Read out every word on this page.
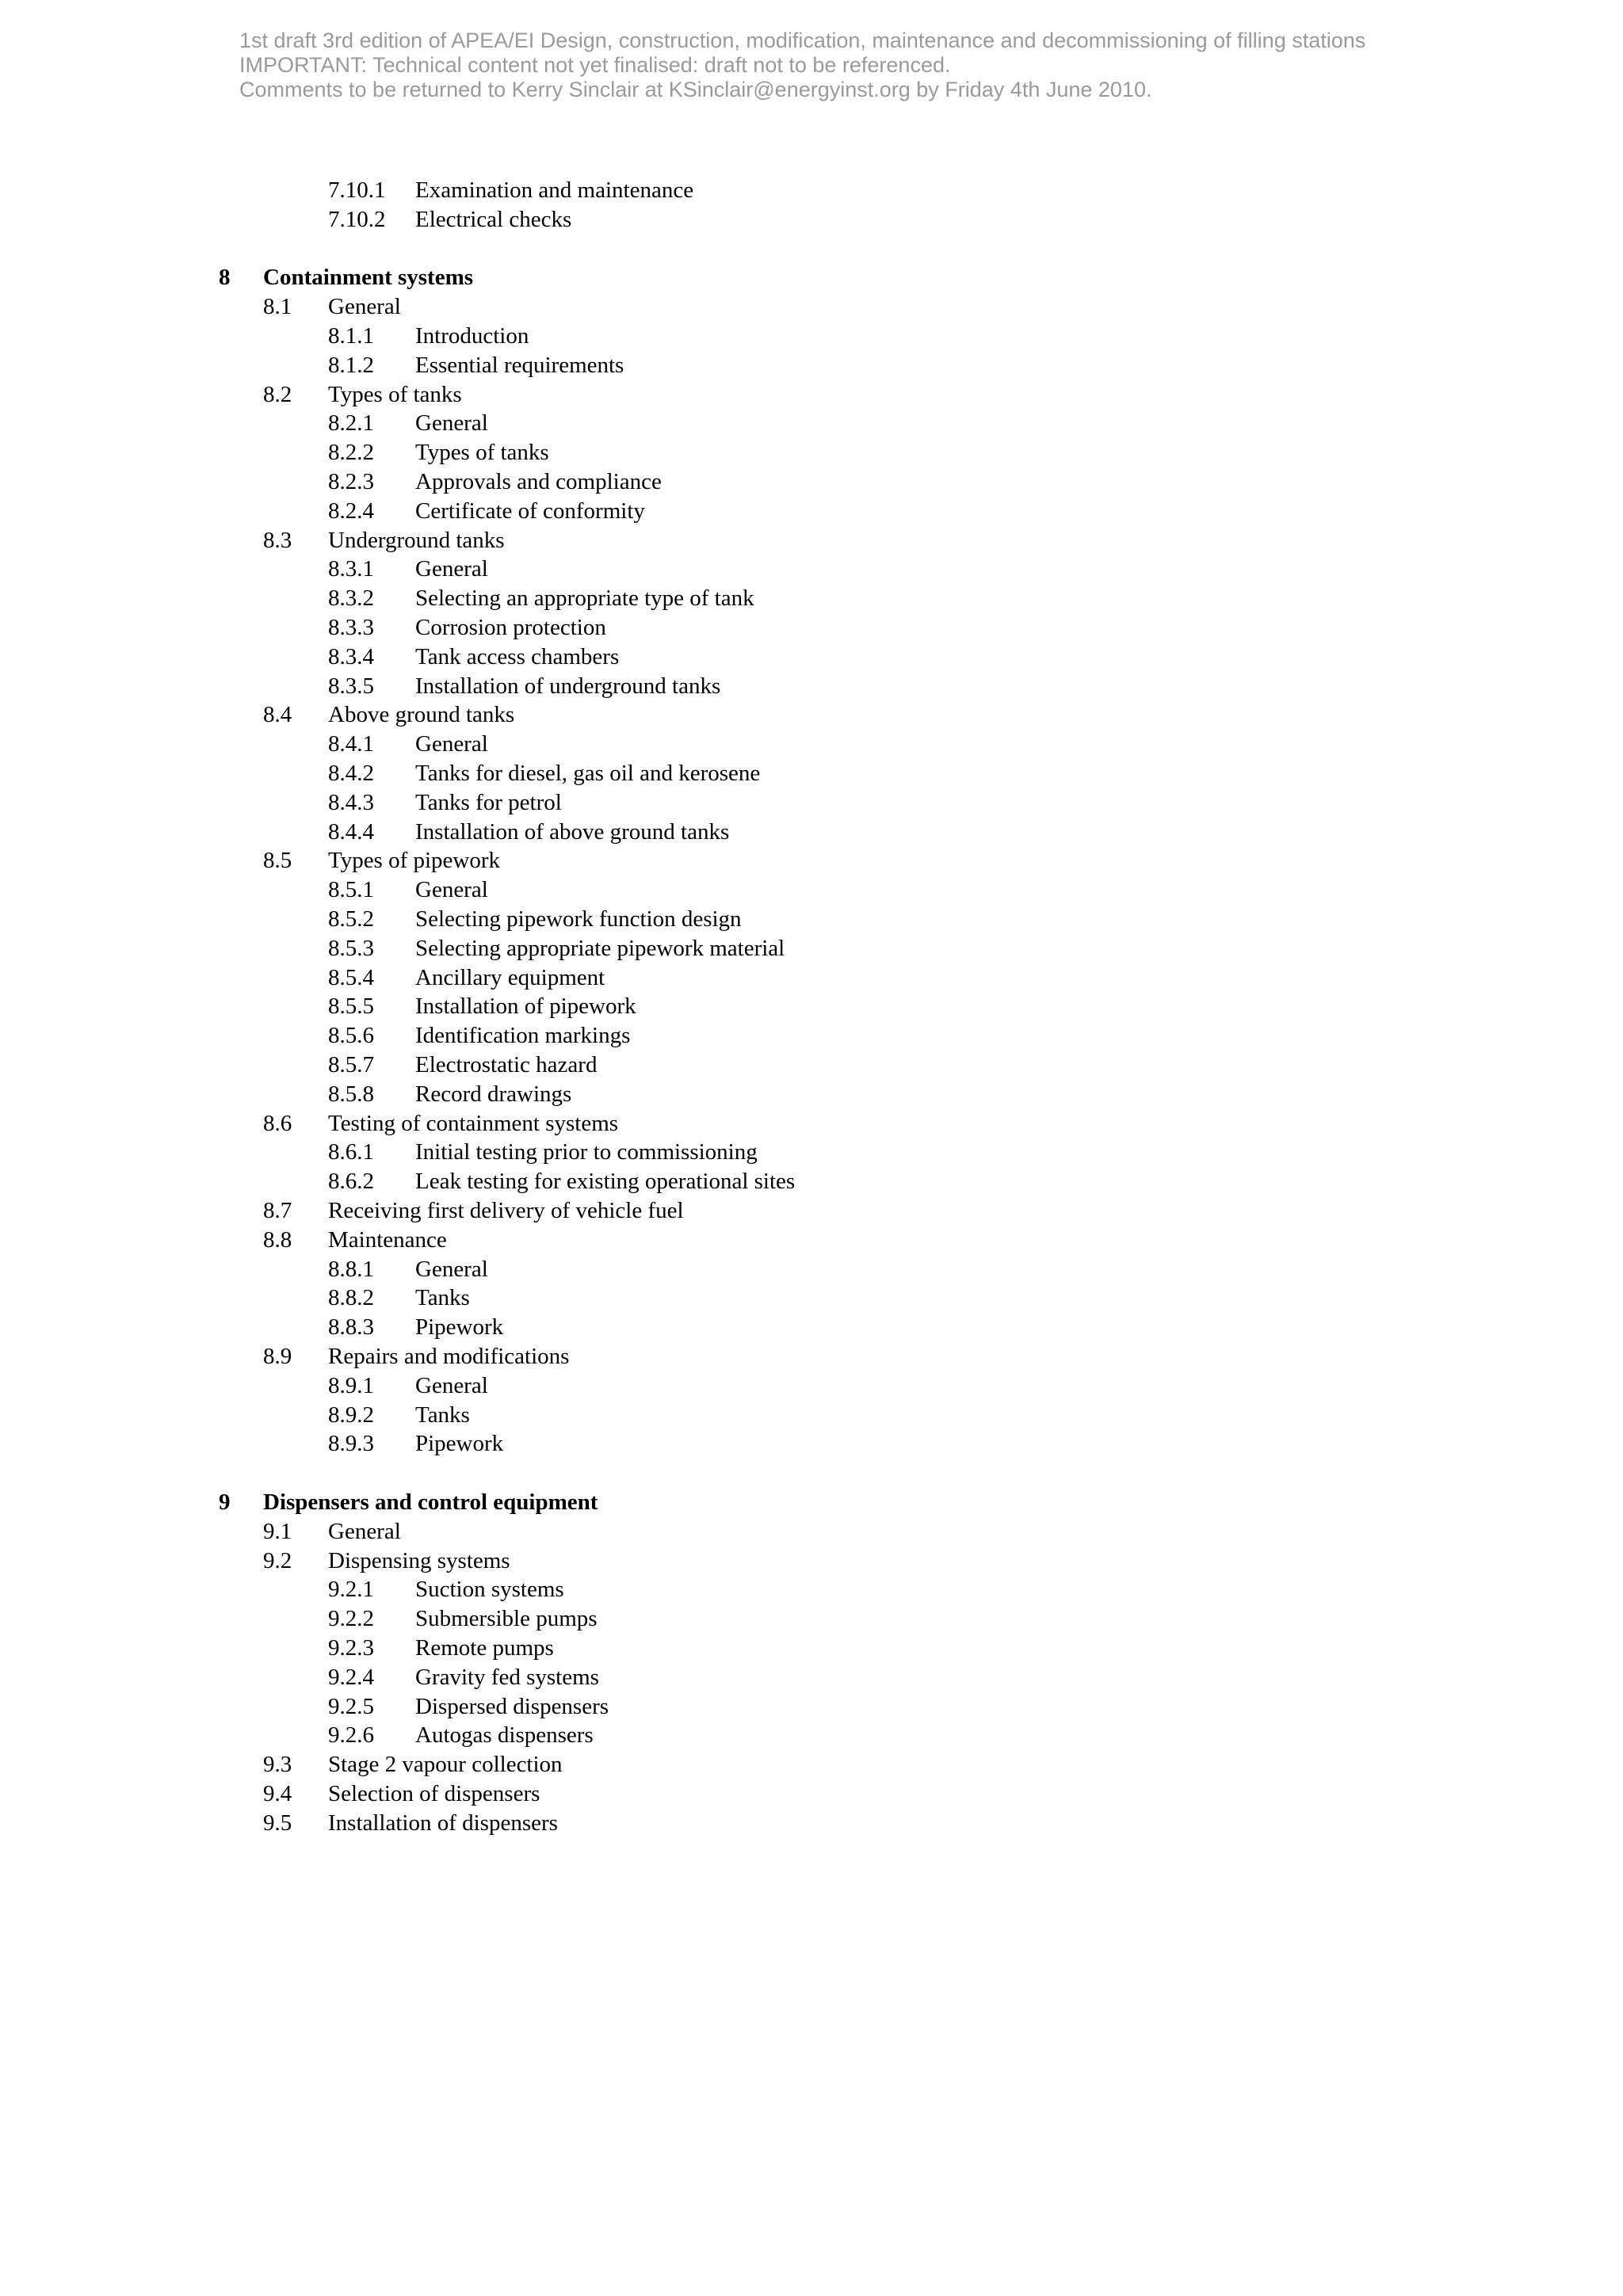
1st draft 3rd edition of APEA/EI Design, construction, modification, maintenance and decommissioning of filling stations
IMPORTANT: Technical content not yet finalised: draft not to be referenced.
Comments to be returned to Kerry Sinclair at KSinclair@energyinst.org by Friday 4th June 2010.
7.10.1 Examination and maintenance
7.10.2 Electrical checks
8 Containment systems
8.1 General
8.1.1 Introduction
8.1.2 Essential requirements
8.2 Types of tanks
8.2.1 General
8.2.2 Types of tanks
8.2.3 Approvals and compliance
8.2.4 Certificate of conformity
8.3 Underground tanks
8.3.1 General
8.3.2 Selecting an appropriate type of tank
8.3.3 Corrosion protection
8.3.4 Tank access chambers
8.3.5 Installation of underground tanks
8.4 Above ground tanks
8.4.1 General
8.4.2 Tanks for diesel, gas oil and kerosene
8.4.3 Tanks for petrol
8.4.4 Installation of above ground tanks
8.5 Types of pipework
8.5.1 General
8.5.2 Selecting pipework function design
8.5.3 Selecting appropriate pipework material
8.5.4 Ancillary equipment
8.5.5 Installation of pipework
8.5.6 Identification markings
8.5.7 Electrostatic hazard
8.5.8 Record drawings
8.6 Testing of containment systems
8.6.1 Initial testing prior to commissioning
8.6.2 Leak testing for existing operational sites
8.7 Receiving first delivery of vehicle fuel
8.8 Maintenance
8.8.1 General
8.8.2 Tanks
8.8.3 Pipework
8.9 Repairs and modifications
8.9.1 General
8.9.2 Tanks
8.9.3 Pipework
9 Dispensers and control equipment
9.1 General
9.2 Dispensing systems
9.2.1 Suction systems
9.2.2 Submersible pumps
9.2.3 Remote pumps
9.2.4 Gravity fed systems
9.2.5 Dispersed dispensers
9.2.6 Autogas dispensers
9.3 Stage 2 vapour collection
9.4 Selection of dispensers
9.5 Installation of dispensers
